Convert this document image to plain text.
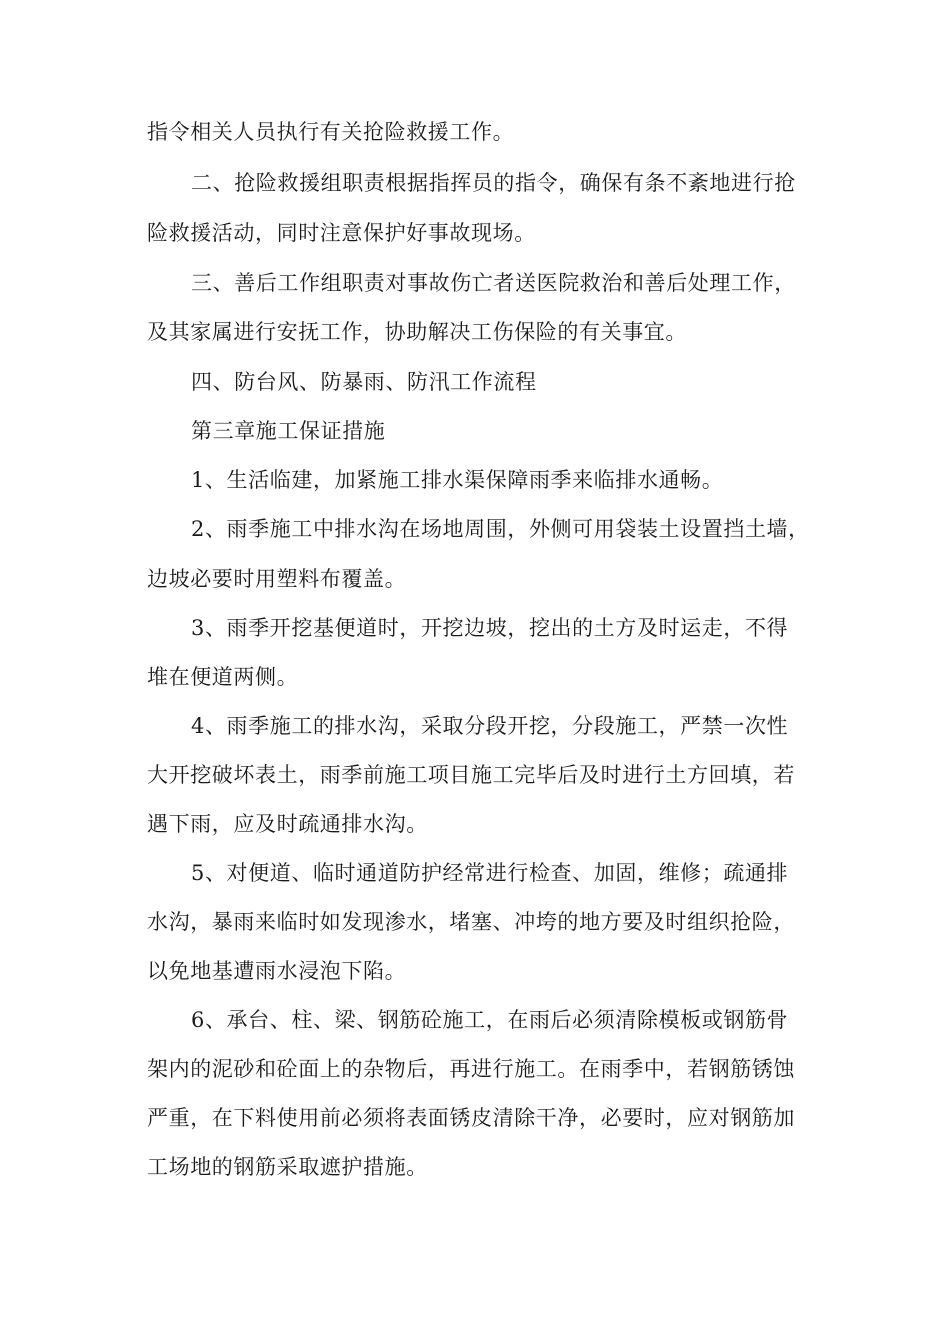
指令相关人员执行有关抢险救援工作。
二、抢险救援组职责根据指挥员的指令，确保有条不紊地进行抢
险救援活动，同时注意保护好事故现场。
三、善后工作组职责对事故伤亡者送医院救治和善后处理工作，
及其家属进行安抚工作，协助解决工伤保险的有关事宜。
四、防台风、防暴雨、防汛工作流程
第三章施工保证措施
1、生活临建，加紧施工排水渠保障雨季来临排水通畅。
2、雨季施工中排水沟在场地周围，外侧可用袋装土设置挡土墙，
边坡必要时用塑料布覆盖。
3、雨季开挖基便道时，开挖边坡，挖出的土方及时运走，不得
堆在便道两侧。
4、雨季施工的排水沟，采取分段开挖，分段施工，严禁一次性
大开挖破坏表土，雨季前施工项目施工完毕后及时进行土方回填，若
遇下雨，应及时疏通排水沟。
5、对便道、临时通道防护经常进行检查、加固，维修；疏通排
水沟，暴雨来临时如发现渗水，堵塞、冲垮的地方要及时组织抢险，
以免地基遭雨水浸泡下陷。
6、承台、柱、梁、钢筋砼施工，在雨后必须清除模板或钢筋骨
架内的泥砂和砼面上的杂物后，再进行施工。在雨季中，若钢筋锈蚀
严重，在下料使用前必须将表面锈皮清除干净，必要时，应对钢筋加
工场地的钢筋采取遮护措施。
